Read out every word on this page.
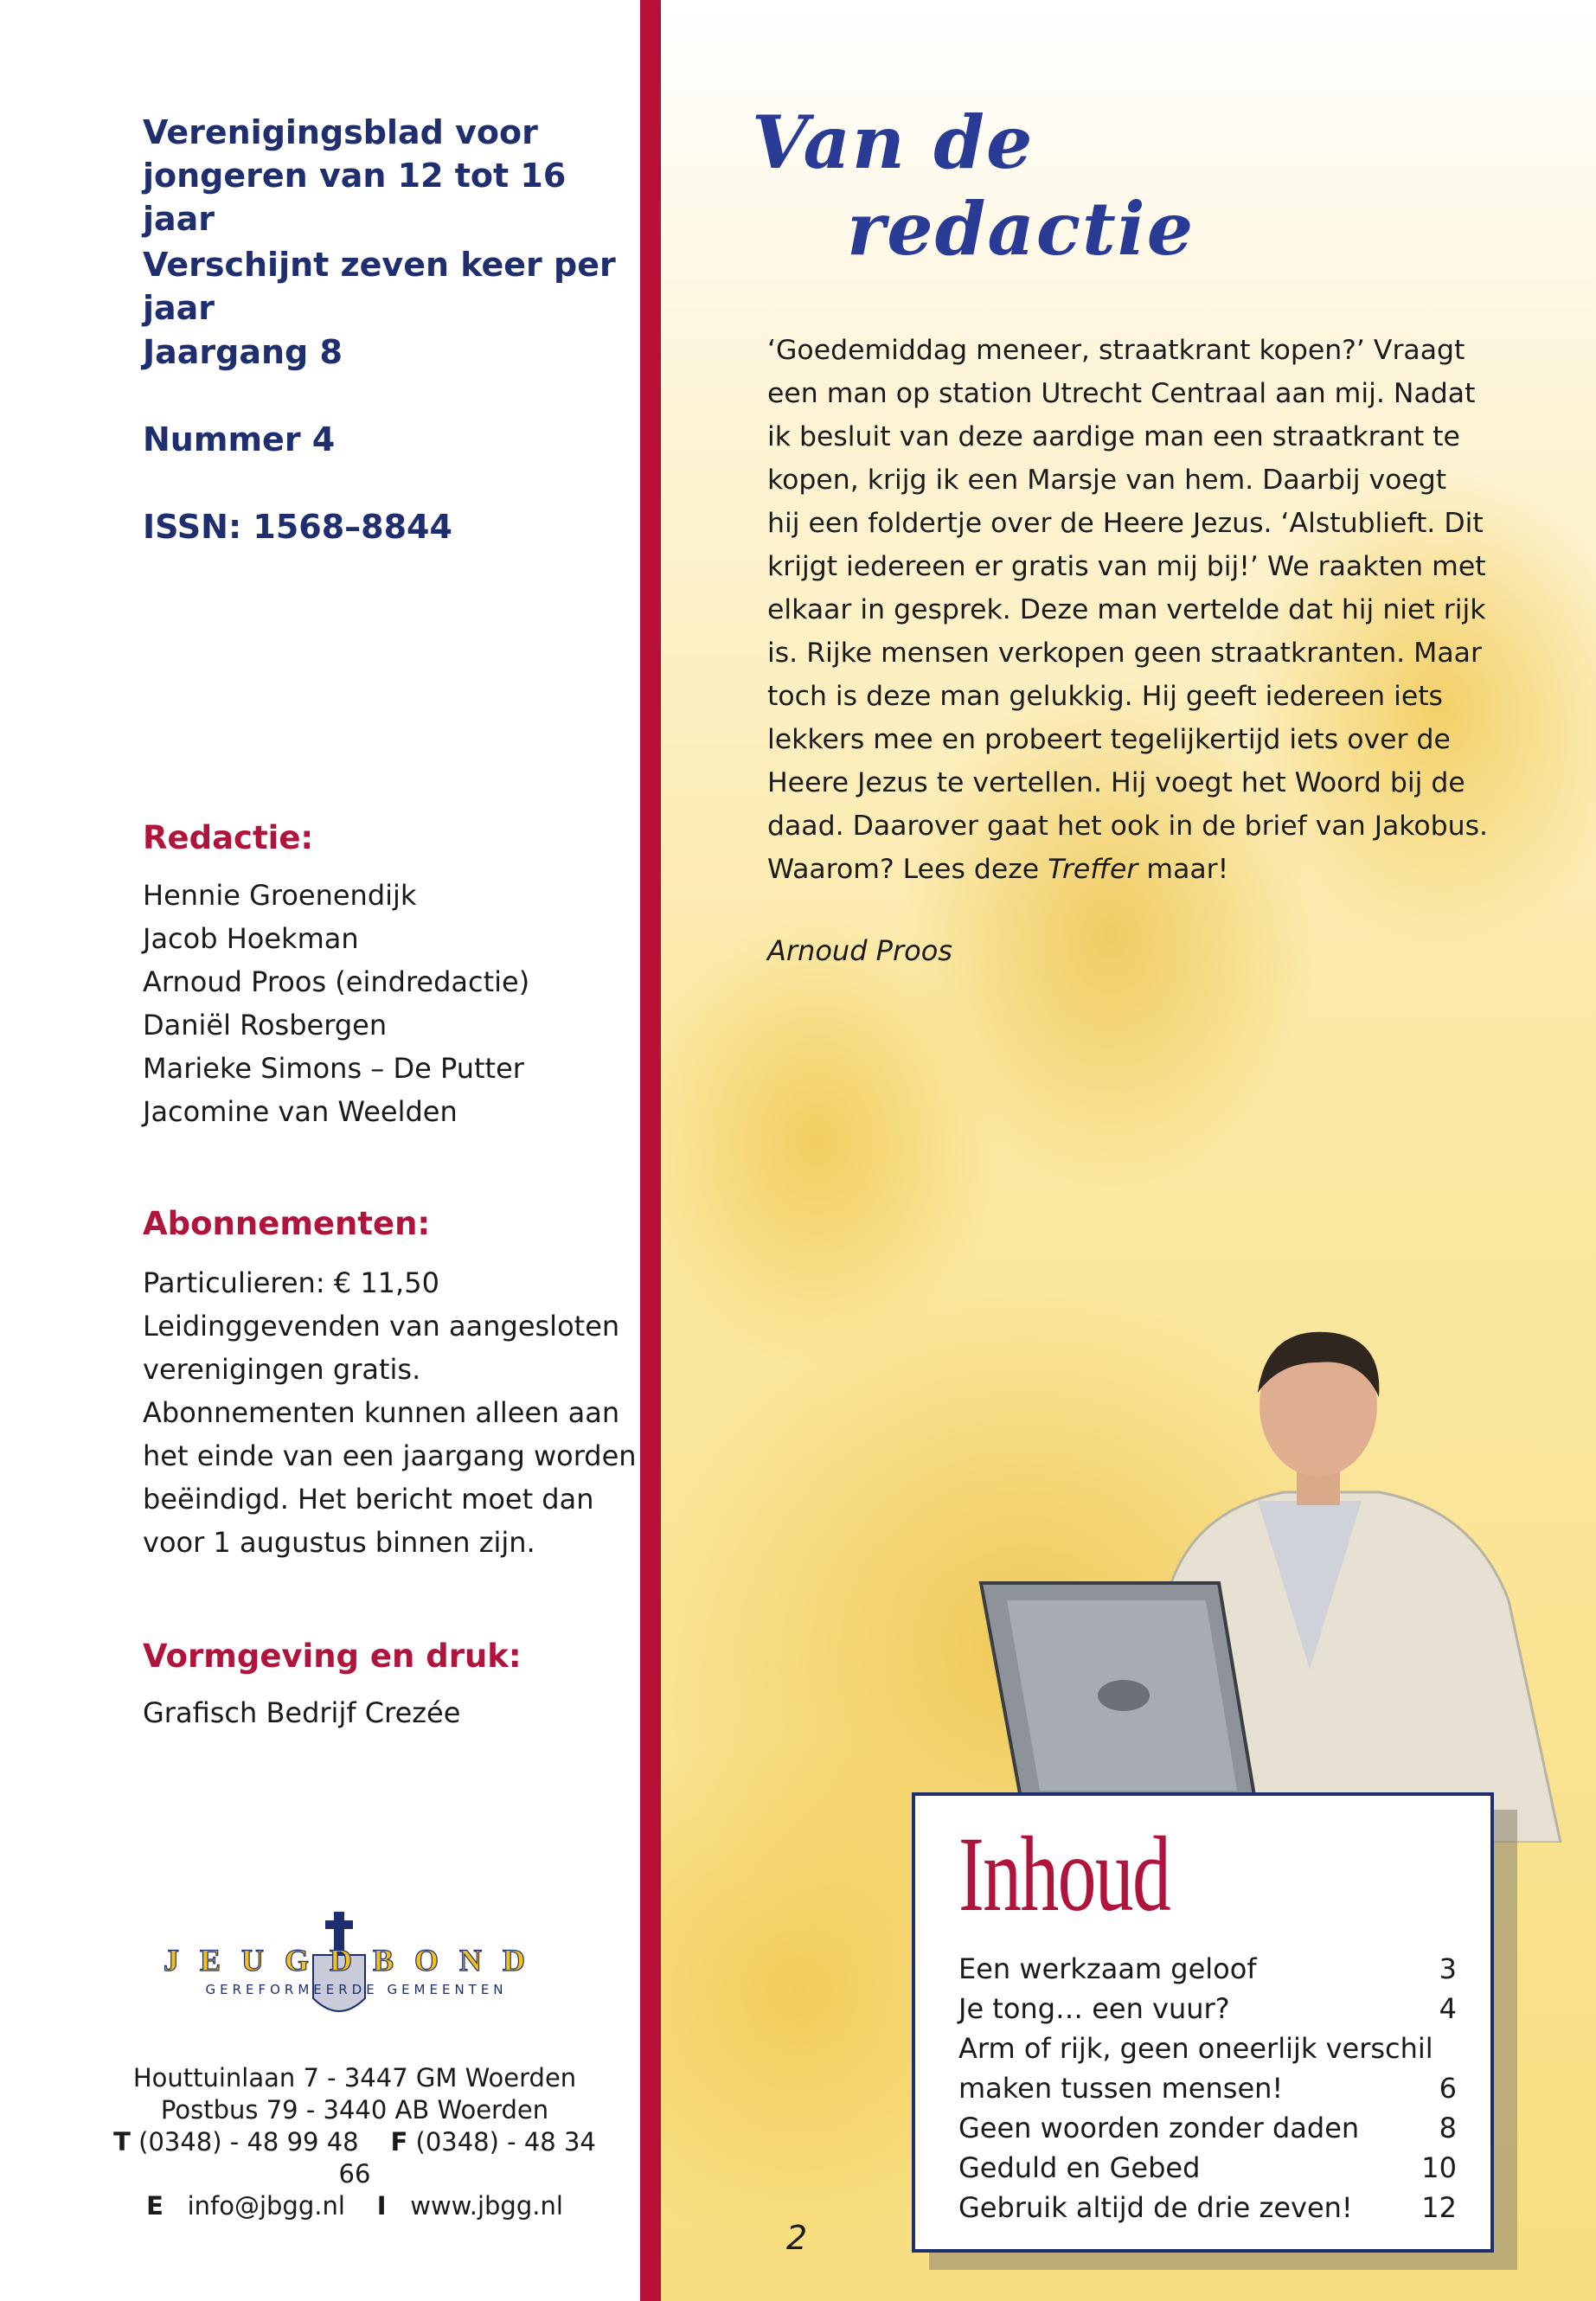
Verenigingsblad voor
jongeren van 12 tot 16 jaar
Verschijnt zeven keer per jaar
Jaargang 8
Nummer 4
ISSN: 1568–8844
Redactie:
Hennie Groenendijk
Jacob Hoekman
Arnoud Proos (eindredactie)
Daniël Rosbergen
Marieke Simons – De Putter
Jacomine van Weelden
Abonnementen:
Particulieren: € 11,50
Leidinggevenden van aangesloten
verenigingen gratis.
Abonnementen kunnen alleen aan
het einde van een jaargang worden
beëindigd. Het bericht moet dan
voor 1 augustus binnen zijn.
Vormgeving en druk:
Grafisch Bedrijf Crezée
JEUGDBOND
GEREFORMEERDE GEMEENTEN
Houttuinlaan 7 - 3447 GM Woerden
Postbus 79 - 3440 AB Woerden
T (0348) - 48 99 48 F (0348) - 48 34 66
E info@jbgg.nl I www.jbgg.nl
Van de
redactie
‘Goedemiddag meneer, straatkrant kopen?’ Vraagt
een man op station Utrecht Centraal aan mij. Nadat
ik besluit van deze aardige man een straatkrant te
kopen, krijg ik een Marsje van hem. Daarbij voegt
hij een foldertje over de Heere Jezus. ‘Alstublieft. Dit
krijgt iedereen er gratis van mij bij!’ We raakten met
elkaar in gesprek. Deze man vertelde dat hij niet rijk
is. Rijke mensen verkopen geen straatkranten. Maar
toch is deze man gelukkig. Hij geeft iedereen iets
lekkers mee en probeert tegelijkertijd iets over de
Heere Jezus te vertellen. Hij voegt het Woord bij de
daad. Daarover gaat het ook in de brief van Jakobus.
Waarom? Lees deze Treffer maar!
Arnoud Proos
2
Inhoud
Een werkzaam geloof	3
Je tong… een vuur?	4
Arm of rijk, geen oneerlijk verschil
maken tussen mensen!	6
Geen woorden zonder daden	8
Geduld en Gebed	10
Gebruik altijd de drie zeven! 12
